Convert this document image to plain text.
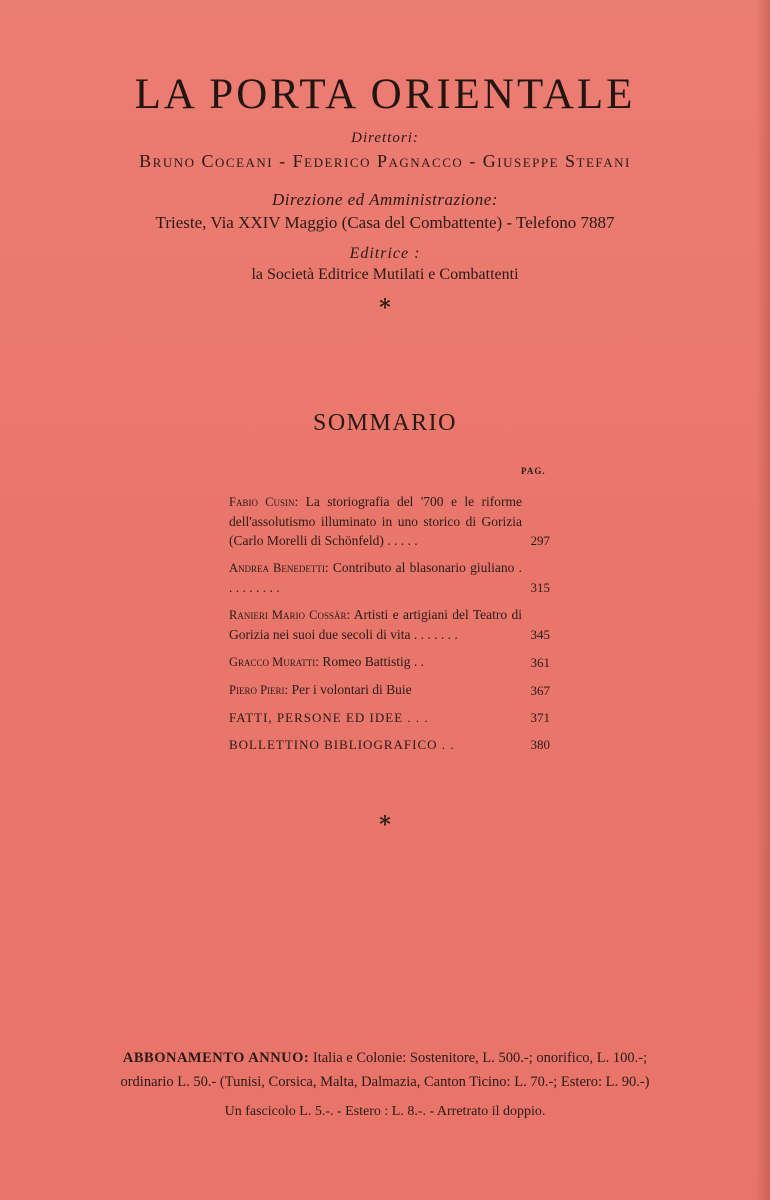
LA PORTA ORIENTALE
Direttori:
Bruno Coceani - Federico Pagnacco - Giuseppe Stefani
Direzione ed Amministrazione:
Trieste, Via XXIV Maggio (Casa del Combattente) - Telefono 7887
Editrice :
la Società Editrice Mutilati e Combattenti
*
SOMMARIO
PAG.
Fabio Cusin: La storiografia del '700 e le riforme dell'assolutismo illuminato in uno storico di Gorizia (Carlo Morelli di Schönfeld) . . . . .	297
Andrea Benedetti: Contributo al blasonario giuliano . . . . . . . . .	315
Ranieri Mario Cossàr: Artisti e artigiani del Teatro di Gorizia nei suoi due secoli di vita . . . . . . .	345
Gracco Muratti: Romeo Battistig . .	361
Piero Pieri: Per i volontari di Buie	367
FATTI, PERSONE ED IDEE . . .	371
BOLLETTINO BIBLIOGRAFICO . .	380
*
ABBONAMENTO ANNUO: Italia e Colonie: Sostenitore, L. 500.-; onorifico, L. 100.-;
ordinario L. 50.- (Tunisi, Corsica, Malta, Dalmazia, Canton Ticino: L. 70.-; Estero: L. 90.-)
Un fascicolo L. 5.-. - Estero : L. 8.-. - Arretrato il doppio.
